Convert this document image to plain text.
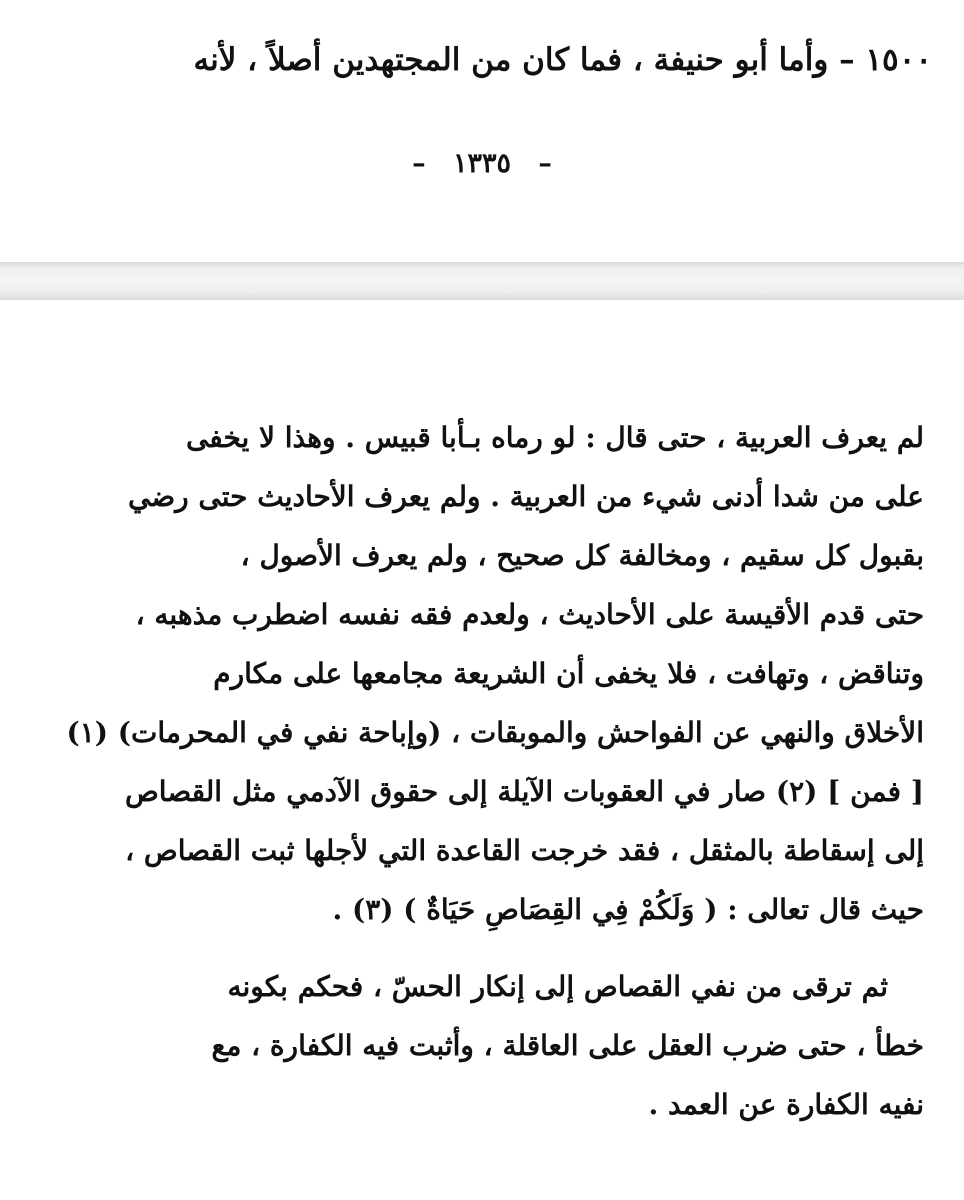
١٥٠٠ – وأما أبو حنيفة ، فما كان من المجتهدين أصلاً ، لأنه
– ١٣٣٥ –
لم يعرف العربية ، حتى قال : لو رماه بـأبا قبيس . وهذا لا يخفى
على من شدا أدنى شيء من العربية . ولم يعرف الأحاديث حتى رضي
بقبول كل سقيم ، ومخالفة كل صحيح ، ولم يعرف الأصول ،
حتى قدم الأقيسة على الأحاديث ، ولعدم فقه نفسه اضطرب مذهبه ،
وتناقض ، وتهافت ، فلا يخفى أن الشريعة مجامعها على مكارم
الأخلاق والنهي عن الفواحش والموبقات ، (وإباحة نفي في المحرمات) (١)
[ فمن ] (٢) صار في العقوبات الآيلة إلى حقوق الآدمي مثل القصاص
إلى إسقاطة بالمثقل ، فقد خرجت القاعدة التي لأجلها ثبت القصاص ،
حيث قال تعالى : ( وَلَكُمْ فِي القِصَاصِ حَيَاةٌ ) (٣) .
ثم ترقى من نفي القصاص إلى إنكار الحسّ ، فحكم بكونه
خطأ ، حتى ضرب العقل على العاقلة ، وأثبت فيه الكفارة ، مع
نفيه الكفارة عن العمد .
